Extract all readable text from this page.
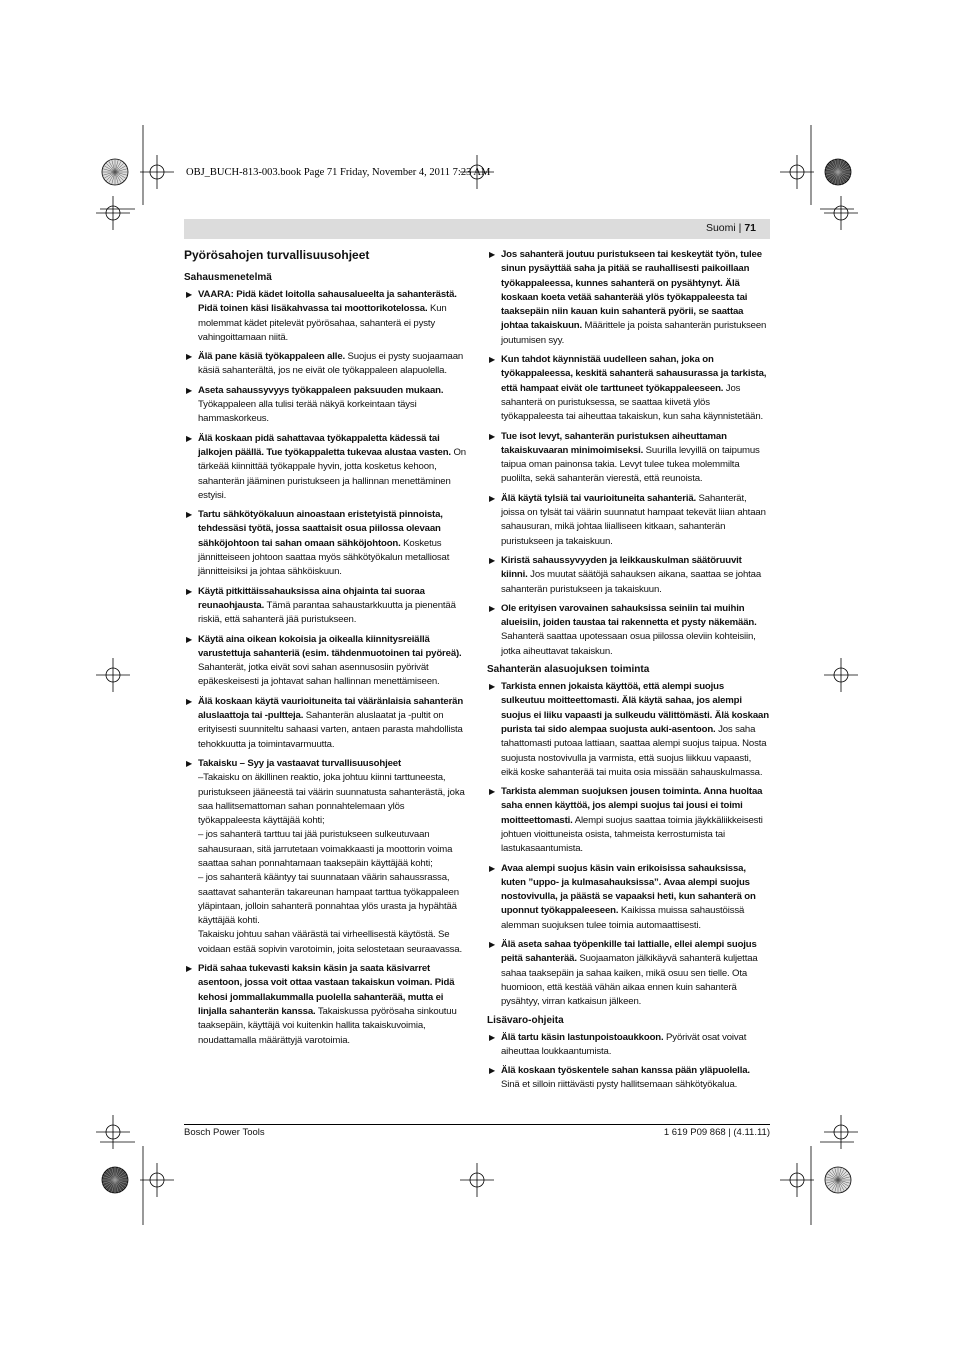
OBJ_BUCH-813-003.book Page 71 Friday, November 4, 2011 7:23 AM
Suomi | 71
Pyörösahojen turvallisuusohjeet
Sahausmenetelmä
▶ VAARA: Pidä kädet loitolla sahausalueelta ja sahanterästä. Pidä toinen käsi lisäkahvassa tai moottorikotelossa. Kun molemmat kädet pitelevät pyörösahaa, sahanterä ei pysty vahingoittamaan niitä.
▶ Älä pane käsiä työkappaleen alle. Suojus ei pysty suojaamaan käsiä sahanterältä, jos ne eivät ole työkappaleen alapuolella.
▶ Aseta sahaussyvyys työkappaleen paksuuden mukaan. Työkappaleen alla tulisi terää näkyä korkeintaan täysi hammaskorkeus.
▶ Älä koskaan pidä sahattavaa työkappaletta kädessä tai jalkojen päällä. Tue työkappaletta tukevaa alustaa vasten. On tärkeää kiinnittää työkappale hyvin, jotta kosketus kehoon, sahanterän jääminen puristukseen ja hallinnan menettäminen estyisi.
▶ Tartu sähkötyökaluun ainoastaan eristetyistä pinnoista, tehdessäsi työtä, jossa saattaisit osua piilossa olevaan sähköjohtoon tai sahan omaan sähköjohtoon. Kosketus jännitteiseen johtoon saattaa myös sähkötyökalun metalliosat jännitteisiksi ja johtaa sähköiskuun.
▶ Käytä pitkittäissahauksissa aina ohjainta tai suoraa reunaohjausta. Tämä parantaa sahaustarkkuutta ja pienentää riskiä, että sahanterä jää puristukseen.
▶ Käytä aina oikean kokoisia ja oikealla kiinnitysreiällä varustettuja sahanteriä (esim. tähdenmuotoinen tai pyöreä). Sahanterät, jotka eivät sovi sahan asennusosiin pyörivät epäkeskeisesti ja johtavat sahan hallinnan menettämiseen.
▶ Älä koskaan käytä vaurioituneita tai vääränlaisia sahanterän aluslaattoja tai -pultteja. Sahanterän aluslaatat ja -pultit on erityisesti suunniteltu sahaasi varten, antaen parasta mahdollista tehokkuutta ja toimintavarmuutta.
▶ Takaisku – Syy ja vastaavat turvallisuusohjeet
–Takaisku on äkillinen reaktio, joka johtuu kiinni tarttuneesta, puristukseen jääneestä tai väärin suunnatusta sahanterästä, joka saa hallitsemattoman sahan ponnahtelemaan ylös työkappaleesta käyttäjää kohti;
– jos sahanterä tarttuu tai jää puristukseen sulkeutuvaan sahausuraan, sitä jarrutetaan voimakkaasti ja moottorin voima saattaa sahan ponnahtamaan taaksepäin käyttäjää kohti;
– jos sahanterä kääntyy tai suunnataan väärin sahaussrassa, saattavat sahanterän takareunan hampaat tarttua työkappaleen yläpintaan, jolloin sahanterä ponnahtaa ylös urasta ja hypähtää käyttäjää kohti.
Takaisku johtuu sahan väärästä tai virheellisestä käytöstä. Se voidaan estää sopivin varotoimin, joita selostetaan seuraavassa.
▶ Pidä sahaa tukevasti kaksin käsin ja saata käsivarret asentoon, jossa voit ottaa vastaan takaiskun voiman. Pidä kehosi jommallakummalla puolella sahanterää, mutta ei linjalla sahanterän kanssa. Takaiskussa pyörösaha sinkoutuu taaksepäin, käyttäjä voi kuitenkin hallita takaiskuvoimia, noudattamalla määrättyjä varotoimia.
▶ Jos sahanterä joutuu puristukseen tai keskeytät työn, tulee sinun pysäyttää saha ja pitää se rauhallisesti paikoillaan työkappaleessa, kunnes sahanterä on pysähtynyt. Älä koskaan koeta vetää sahanterää ylös työkappaleesta tai taaksepäin niin kauan kuin sahanterä pyörii, se saattaa johtaa takaiskuun. Määrittele ja poista sahanterän puristukseen joutumisen syy.
▶ Kun tahdot käynnistää uudelleen sahan, joka on työkappaleessa, keskitä sahanterä sahausurassa ja tarkista, että hampaat eivät ole tarttuneet työkappaleeseen. Jos sahanterä on puristuksessa, se saattaa kiivetä ylös työkappaleesta tai aiheuttaa takaiskun, kun saha käynnistetään.
▶ Tue isot levyt, sahanterän puristuksen aiheuttaman takaiskuvaaran minimoimiseksi. Suurilla levyillä on taipumus taipua oman painonsa takia. Levyt tulee tukea molemmilta puolilta, sekä sahanterän vierestä, että reunoista.
▶ Älä käytä tylsiä tai vaurioituneita sahanteriä. Sahanterät, joissa on tylsät tai väärin suunnatut hampaat tekevät liian ahtaan sahausuran, mikä johtaa liialliseen kitkaan, sahanterän puristukseen ja takaiskuun.
▶ Kiristä sahaussyvyyden ja leikkauskulman säätöruuvit kiinni. Jos muutat säätöjä sahauksen aikana, saattaa se johtaa sahanterän puristukseen ja takaiskuun.
▶ Ole erityisen varovainen sahauksissa seiniin tai muihin alueisiin, joiden taustaa tai rakennetta et pysty näkemään. Sahanterä saattaa upotessaan osua piilossa oleviin kohteisiin, jotka aiheuttavat takaiskun.
Sahanterän alasuojuksen toiminta
▶ Tarkista ennen jokaista käyttöä, että alempi suojus sulkeutuu moitteettomasti. Älä käytä sahaa, jos alempi suojus ei liiku vapaasti ja sulkeudu välittömästi. Älä koskaan purista tai sido alempaa suojusta auki-asentoon. Jos saha tahattomasti putoaa lattiaan, saattaa alempi suojus taipua. Nosta suojusta nostovivulla ja varmista, että suojus liikkuu vapaasti, eikä koske sahanterää tai muita osia missään sahauskulmassa.
▶ Tarkista alemman suojuksen jousen toiminta. Anna huoltaa saha ennen käyttöä, jos alempi suojus tai jousi ei toimi moitteettomasti. Alempi suojus saattaa toimia jäykkäliikkeisesti johtuen vioittuneista osista, tahmeista kerrostumista tai lastukasaantumista.
▶ Avaa alempi suojus käsin vain erikoisissa sahauksissa, kuten ”uppo- ja kulmasahauksissa”. Avaa alempi suojus nostovivulla, ja päästä se vapaaksi heti, kun sahanterä on uponnut työkappaleeseen. Kaikissa muissa sahaustöissä alemman suojuksen tulee toimia automaattisesti.
▶ Älä aseta sahaa työpenkille tai lattialle, ellei alempi suojus peitä sahanterää. Suojaamaton jälkikäyvä sahanterä kuljettaa sahaa taaksepäin ja sahaa kaiken, mikä osuu sen tielle. Ota huomioon, että kestää vähän aikaa ennen kuin sahanterä pysähtyy, virran katkaisun jälkeen.
Lisävaro-ohjeita
▶ Älä tartu käsin lastunpoistoaukkoon. Pyörivät osat voivat aiheuttaa loukkaantumista.
▶ Älä koskaan työskentele sahan kanssa pään yläpuolella. Sinä et silloin riittävästi pysty hallitsemaan sähkötyökalua.
Bosch Power Tools	1 619 P09 868 | (4.11.11)
